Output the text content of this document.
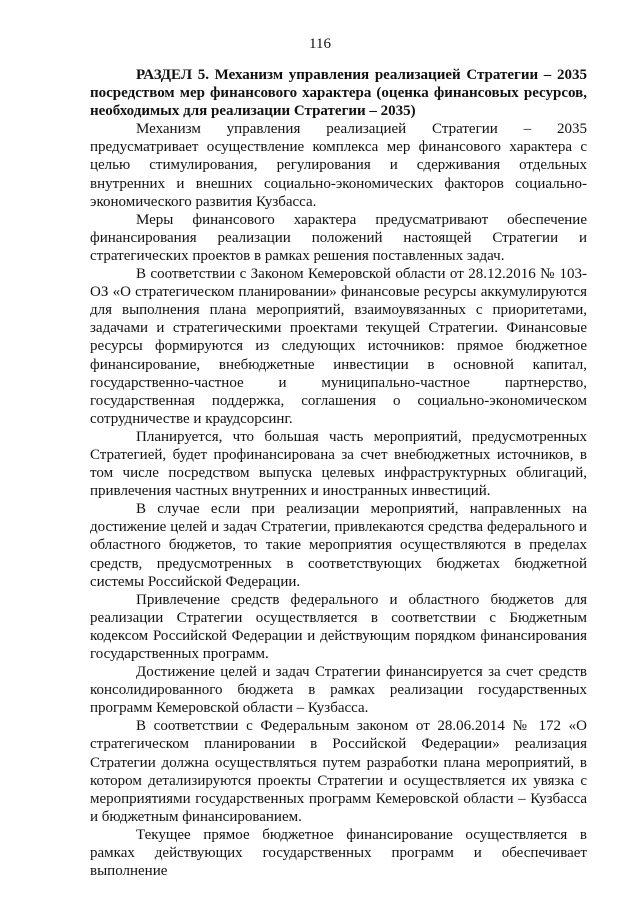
116

РАЗДЕЛ 5. Механизм управления реализацией Стратегии – 2035 посредством мер финансового характера (оценка финансовых ресурсов, необходимых для реализации Стратегии – 2035)

Механизм управления реализацией Стратегии – 2035 предусматривает осуществление комплекса мер финансового характера с целью стимулирования, регулирования и сдерживания отдельных внутренних и внешних социально-экономических факторов социально-экономического развития Кузбасса.

Меры финансового характера предусматривают обеспечение финансирования реализации положений настоящей Стратегии и стратегических проектов в рамках решения поставленных задач.

В соответствии с Законом Кемеровской области от 28.12.2016 № 103-ОЗ «О стратегическом планировании» финансовые ресурсы аккумулируются для выполнения плана мероприятий, взаимоувязанных с приоритетами, задачами и стратегическими проектами текущей Стратегии. Финансовые ресурсы формируются из следующих источников: прямое бюджетное финансирование, внебюджетные инвестиции в основной капитал, государственно-частное и муниципально-частное партнерство, государственная поддержка, соглашения о социально-экономическом сотрудничестве и краудсорсинг.

Планируется, что большая часть мероприятий, предусмотренных Стратегией, будет профинансирована за счет внебюджетных источников, в том числе посредством выпуска целевых инфраструктурных облигаций, привлечения частных внутренних и иностранных инвестиций.

В случае если при реализации мероприятий, направленных на достижение целей и задач Стратегии, привлекаются средства федерального и областного бюджетов, то такие мероприятия осуществляются в пределах средств, предусмотренных в соответствующих бюджетах бюджетной системы Российской Федерации.

Привлечение средств федерального и областного бюджетов для реализации Стратегии осуществляется в соответствии с Бюджетным кодексом Российской Федерации и действующим порядком финансирования государственных программ.

Достижение целей и задач Стратегии финансируется за счет средств консолидированного бюджета в рамках реализации государственных программ Кемеровской области – Кузбасса.

В соответствии с Федеральным законом от 28.06.2014 № 172 «О стратегическом планировании в Российской Федерации» реализация Стратегии должна осуществляться путем разработки плана мероприятий, в котором детализируются проекты Стратегии и осуществляется их увязка с мероприятиями государственных программ Кемеровской области – Кузбасса и бюджетным финансированием.

Текущее прямое бюджетное финансирование осуществляется в рамках действующих государственных программ и обеспечивает выполнение
